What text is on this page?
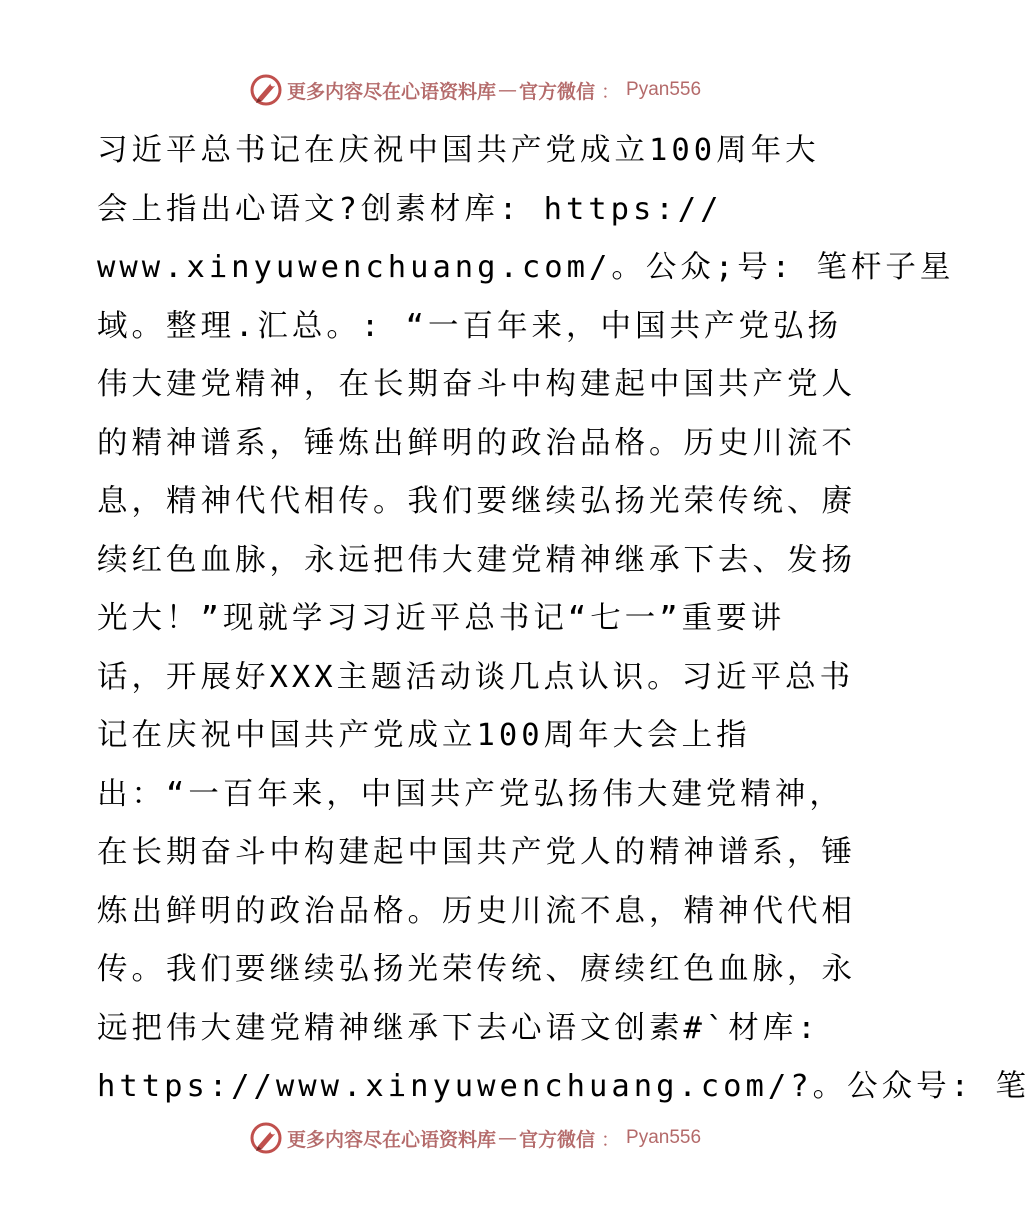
更多内容尽在心语资料库 — 官方微信 ： Pyan556
习近平总书记在庆祝中国共产党成立100周年大
会上指出心语文?创素材库: https://
www.xinyuwenchuang.com/。公众;号: 笔杆子星
域。整理.汇总。: “一百年来，中国共产党弘扬
伟大建党精神，在长期奋斗中构建起中国共产党人
的精神谱系，锤炼出鲜明的政治品格。历史川流不
息，精神代代相传。我们要继续弘扬光荣传统、赓
续红色血脉，永远把伟大建党精神继承下去、发扬
光大！”现就学习习近平总书记“七一”重要讲
话，开展好XXX主题活动谈几点认识。习近平总书
记在庆祝中国共产党成立100周年大会上指
出：“一百年来，中国共产党弘扬伟大建党精神，
在长期奋斗中构建起中国共产党人的精神谱系，锤
炼出鲜明的政治品格。历史川流不息，精神代代相
传。我们要继续弘扬光荣传统、赓续红色血脉，永
远把伟大建党精神继承下去心语文创素#`材库:
https://www.xinyuwenchuang.com/?。公众号: 笔
更多内容尽在心语资料库 — 官方微信 ： Pyan556
